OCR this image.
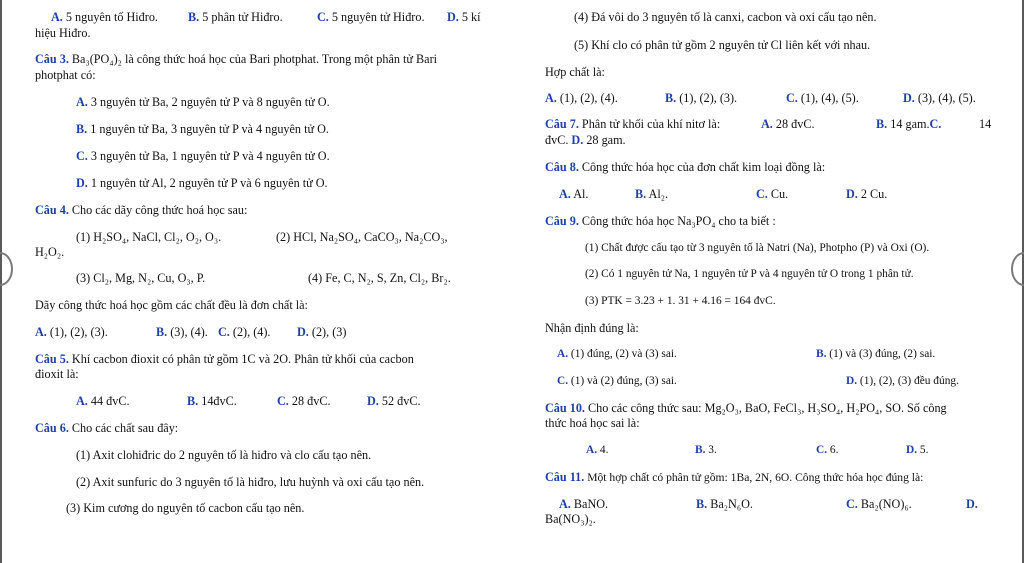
A. 5 nguyên tố Hiđro. B. 5 phân tử Hiđro.	C. 5 nguyên tử Hiđro. D. 5 kí
hiệu Hiđro.
Câu 3. Ba₃(PO₄)₂ là công thức hoá học của Bari photphat. Trong một phân tử Bari
photphat có:
A. 3 nguyên tử Ba, 2 nguyên tử P và 8 nguyên tử O.
B. 1 nguyên tử Ba, 3 nguyên tử P và 4 nguyên tử O.
C. 3 nguyên tử Ba, 1 nguyên tử P và 4 nguyên tử O.
D. 1 nguyên tử Al, 2 nguyên tử P và 6 nguyên tử O.
Câu 4. Cho các dãy công thức hoá học sau:
(1) H₂SO₄, NaCl, Cl₂, O₂, O₃.	(2) HCl, Na₂SO₄, CaCO₃, Na₂CO₃,
H₂O₂.
(3) Cl₂, Mg, N₂, Cu, O₃, P.	(4) Fe, C, N₂, S, Zn, Cl₂, Br₂.
Dãy công thức hoá học gồm các chất đều là đơn chất là:
A. (1), (2), (3).	B. (3), (4). C. (2), (4). D. (2), (3)
Câu 5. Khí cacbon đioxit có phân tử gồm 1C và 2O. Phân tử khối của cacbon
đioxit là:
A. 44 đvC.	B. 14đvC.	C. 28 đvC.	D. 52 đvC.
Câu 6. Cho các chất sau đây:
(1) Axit clohiđric do 2 nguyên tố là hiđro và clo cấu tạo nên.
(2) Axit sunfuric do 3 nguyên tố là hiđro, lưu huỳnh và oxi cấu tạo nên.
(3) Kim cương do nguyên tố cacbon cấu tạo nên.
(4) Đá vôi do 3 nguyên tố là canxi, cacbon và oxi cấu tạo nên.
(5) Khí clo có phân tử gồm 2 nguyên tử Cl liên kết với nhau.
Hợp chất là:
A. (1), (2), (4).	B. (1), (2), (3).	C. (1), (4), (5).	D. (3), (4), (5).
Câu 7. Phân tử khối của khí nitơ là:	A. 28 đvC.	B. 14 gam.C.	14
đvC. D. 28 gam.
Câu 8. Công thức hóa học của đơn chất kim loại đồng là:
A. Al.	B. Al₂.	C. Cu.	D. 2 Cu.
Câu 9. Công thức hóa học Na₃PO₄ cho ta biết :
(1) Chất được cấu tạo từ 3 nguyên tố là Natri (Na), Photpho (P) và Oxi (O).
(2) Có 1 nguyên tử Na, 1 nguyên tử P và 4 nguyên tử O trong 1 phân tử.
(3) PTK = 3.23 + 1. 31 + 4.16 = 164 đvC.
Nhận định đúng là:
A. (1) đúng, (2) và (3) sai.	B. (1) và (3) đúng, (2) sai.
C. (1) và (2) đúng, (3) sai.	D. (1), (2), (3) đều đúng.
Câu 10. Cho các công thức sau: Mg₂O₃, BaO, FeCl₃, H₃SO₄, H₂PO₄, SO. Số công
thức hoá học sai là:
A. 4.	B. 3.	C. 6.	D. 5.
Câu 11. Một hợp chất có phân tử gồm: 1Ba, 2N, 6O. Công thức hóa học đúng là:
A. BaNO.	B. Ba₂N₆O.	C. Ba₂(NO)₆.	D.
Ba(NO₃)₂.
